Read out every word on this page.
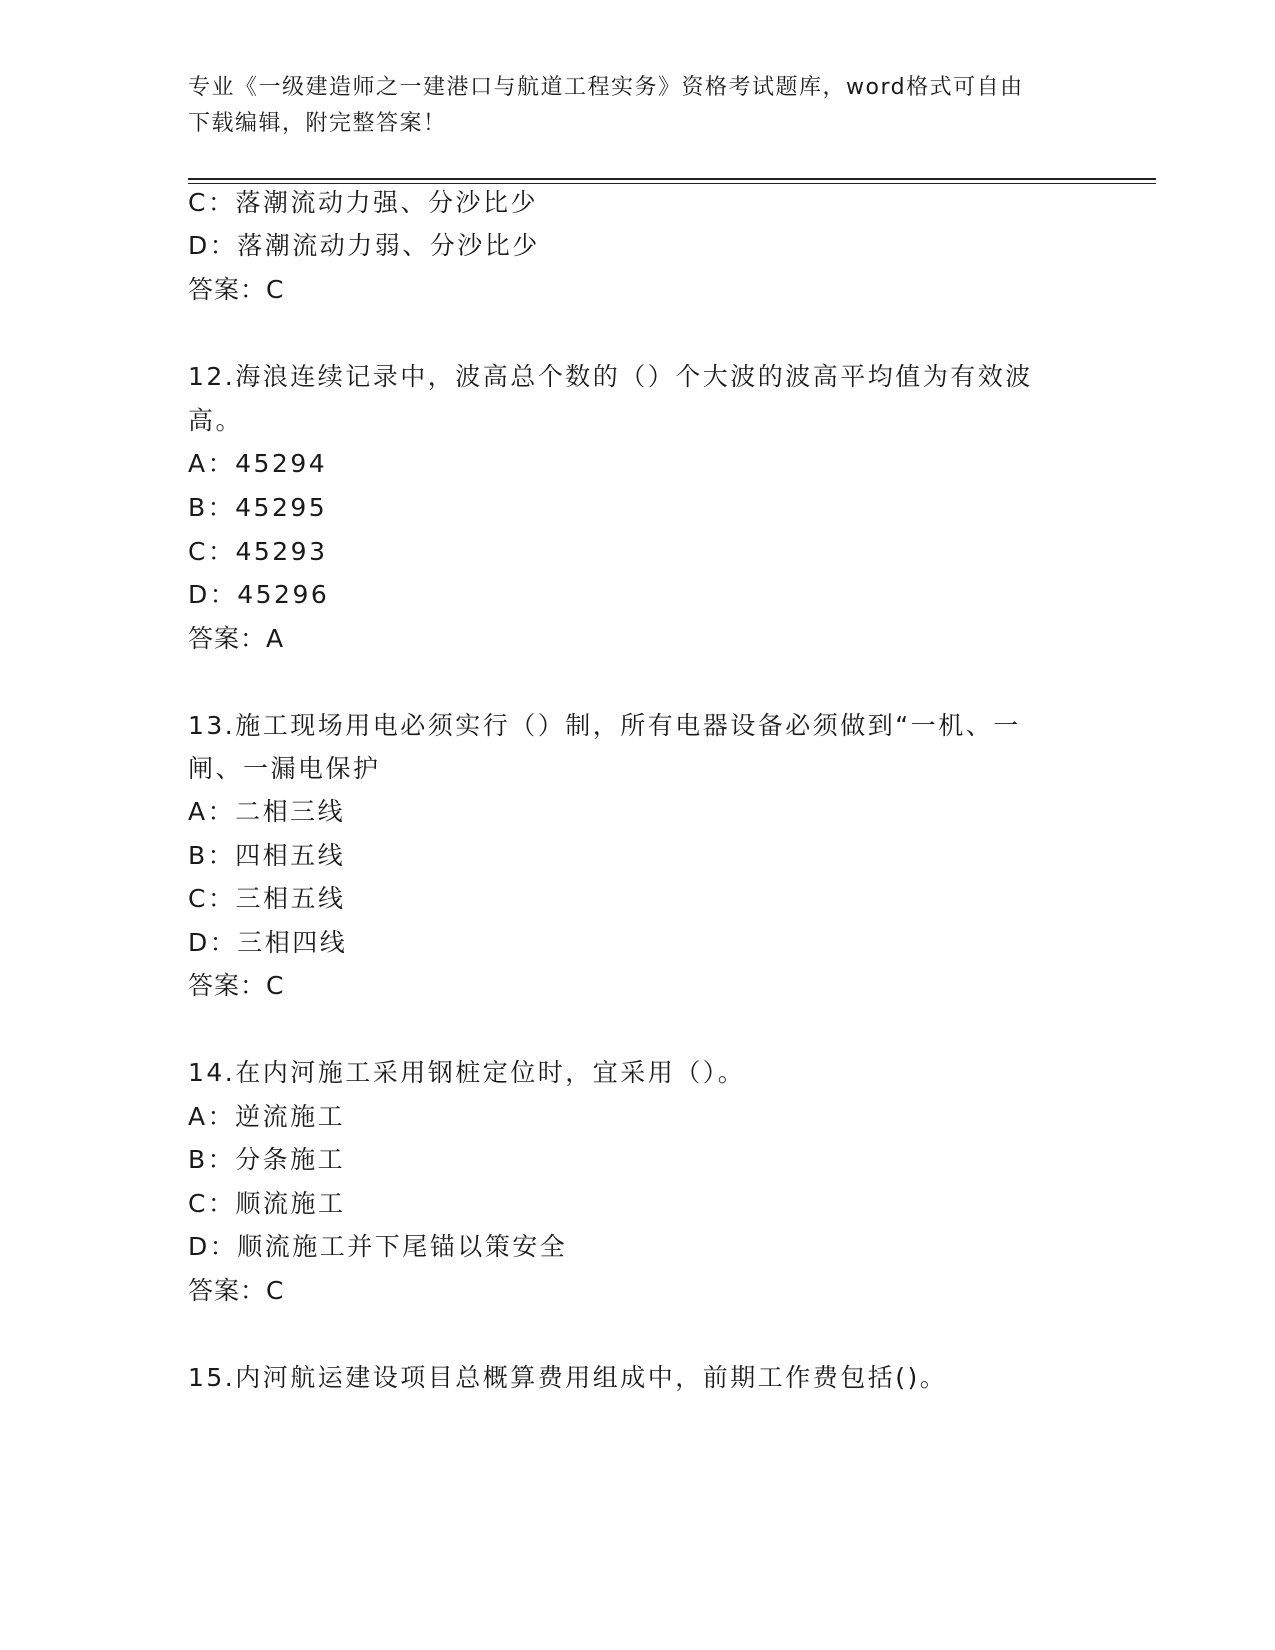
专业《一级建造师之一建港口与航道工程实务》资格考试题库，word格式可自由
下载编辑，附完整答案！
C：落潮流动力强、分沙比少
D：落潮流动力弱、分沙比少
答案：C
12.海浪连续记录中，波高总个数的（）个大波的波高平均值为有效波
高。
A：45294
B：45295
C：45293
D：45296
答案：A
13.施工现场用电必须实行（）制，所有电器设备必须做到“一机、一
闸、一漏电保护
A：二相三线
B：四相五线
C：三相五线
D：三相四线
答案：C
14.在内河施工采用钢桩定位时，宜采用（）。
A：逆流施工
B：分条施工
C：顺流施工
D：顺流施工并下尾锚以策安全
答案：C
15.内河航运建设项目总概算费用组成中，前期工作费包括()。
